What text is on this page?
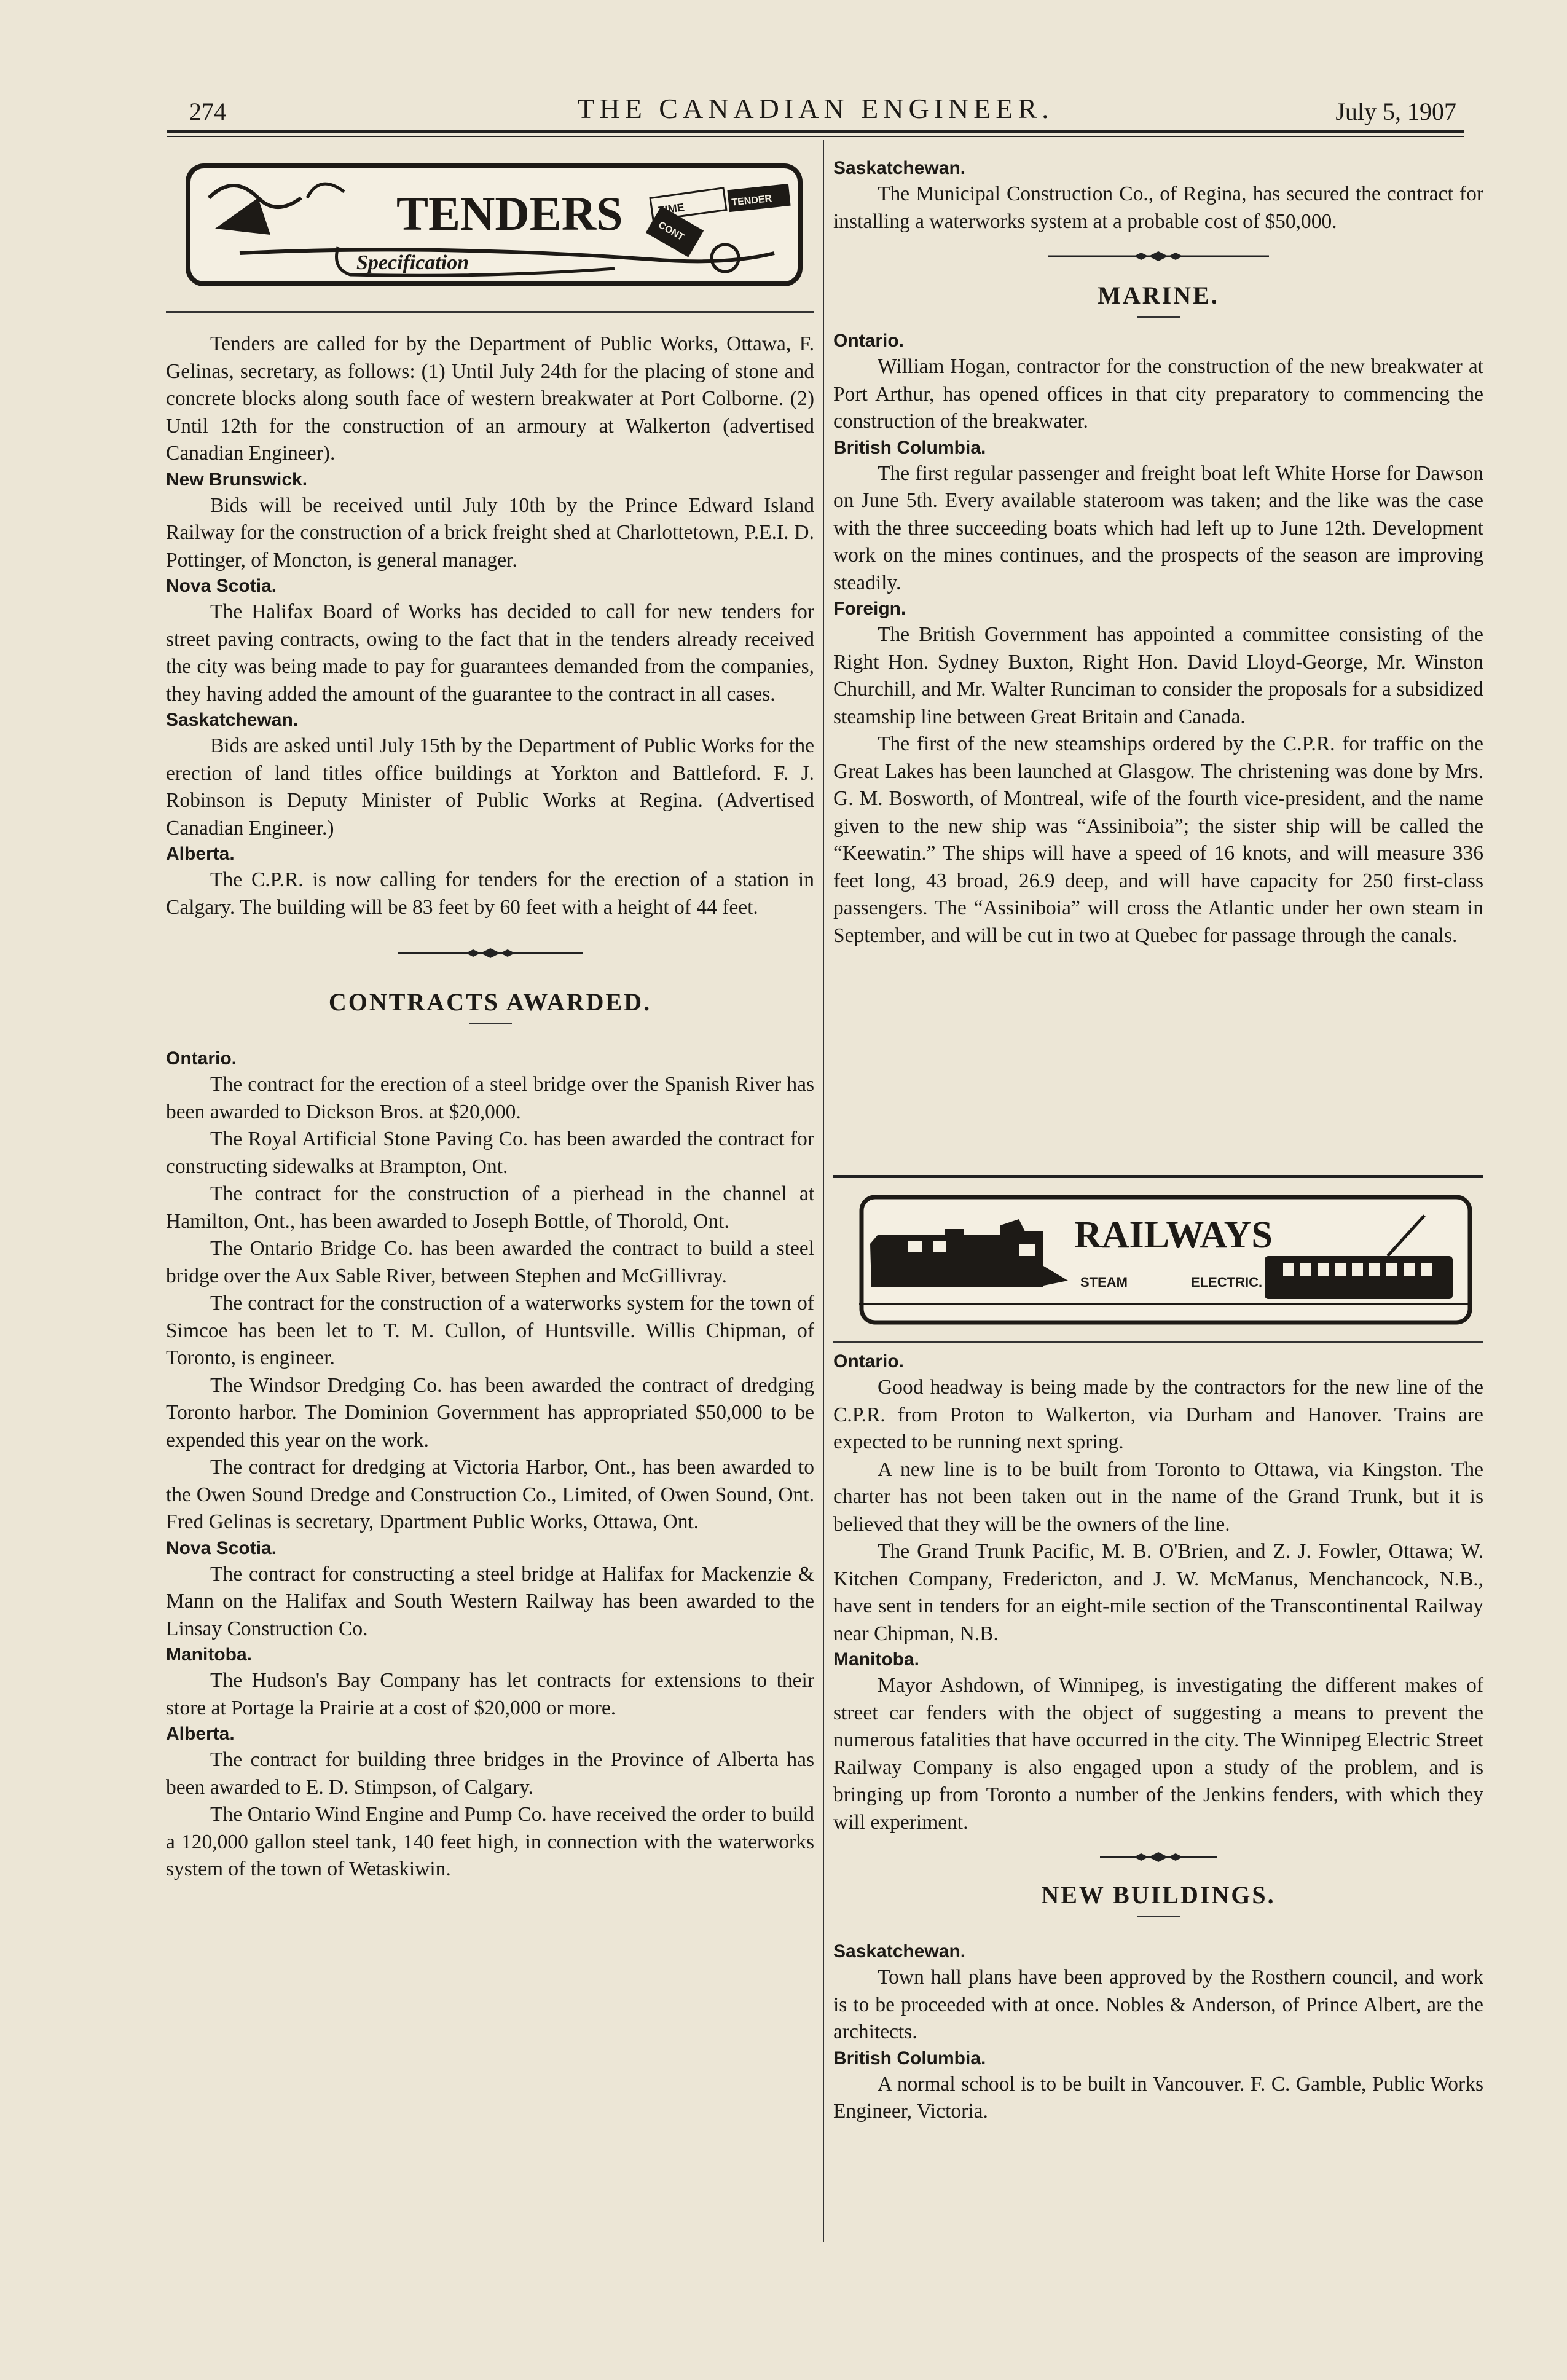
274	THE CANADIAN ENGINEER.	July 5, 1907
TENDERS
Specification
TIME
TENDER
CONT

Tenders are called for by the Department of Public Works, Ottawa, F. Gelinas, secretary, as follows: (1) Until July 24th for the placing of stone and concrete blocks along south face of western breakwater at Port Colborne. (2) Until 12th for the construction of an armoury at Walkerton (advertised Canadian Engineer).

New Brunswick.

Bids will be received until July 10th by the Prince Edward Island Railway for the construction of a brick freight shed at Charlottetown, P.E.I. D. Pottinger, of Moncton, is general manager.

Nova Scotia.

The Halifax Board of Works has decided to call for new tenders for street paving contracts, owing to the fact that in the tenders already received the city was being made to pay for guarantees demanded from the companies, they having added the amount of the guarantee to the contract in all cases.

Saskatchewan.

Bids are asked until July 15th by the Department of Public Works for the erection of land titles office buildings at Yorkton and Battleford. F. J. Robinson is Deputy Minister of Public Works at Regina. (Advertised Canadian Engineer.)

Alberta.

The C.P.R. is now calling for tenders for the erection of a station in Calgary. The building will be 83 feet by 60 feet with a height of 44 feet.

CONTRACTS AWARDED.
Ontario.

The contract for the erection of a steel bridge over the Spanish River has been awarded to Dickson Bros. at $20,000.

The Royal Artificial Stone Paving Co. has been awarded the contract for constructing sidewalks at Brampton, Ont.

The contract for the construction of a pierhead in the channel at Hamilton, Ont., has been awarded to Joseph Bottle, of Thorold, Ont.

The Ontario Bridge Co. has been awarded the contract to build a steel bridge over the Aux Sable River, between Stephen and McGillivray.

The contract for the construction of a waterworks system for the town of Simcoe has been let to T. M. Cullon, of Huntsville. Willis Chipman, of Toronto, is engineer.

The Windsor Dredging Co. has been awarded the contract of dredging Toronto harbor. The Dominion Government has appropriated $50,000 to be expended this year on the work.

The contract for dredging at Victoria Harbor, Ont., has been awarded to the Owen Sound Dredge and Construction Co., Limited, of Owen Sound, Ont. Fred Gelinas is secretary, Dpartment Public Works, Ottawa, Ont.

Nova Scotia.

The contract for constructing a steel bridge at Halifax for Mackenzie & Mann on the Halifax and South Western Railway has been awarded to the Linsay Construction Co.

Manitoba.

The Hudson's Bay Company has let contracts for extensions to their store at Portage la Prairie at a cost of $20,000 or more.

Alberta.

The contract for building three bridges in the Province of Alberta has been awarded to E. D. Stimpson, of Calgary.

The Ontario Wind Engine and Pump Co. have received the order to build a 120,000 gallon steel tank, 140 feet high, in connection with the waterworks system of the town of Wetaskiwin.

Saskatchewan.

The Municipal Construction Co., of Regina, has secured the contract for installing a waterworks system at a probable cost of $50,000.

MARINE.
Ontario.

William Hogan, contractor for the construction of the new breakwater at Port Arthur, has opened offices in that city preparatory to commencing the construction of the breakwater.

British Columbia.

The first regular passenger and freight boat left White Horse for Dawson on June 5th. Every available stateroom was taken; and the like was the case with the three succeeding boats which had left up to June 12th. Development work on the mines continues, and the prospects of the season are improving steadily.

Foreign.

The British Government has appointed a committee consisting of the Right Hon. Sydney Buxton, Right Hon. David Lloyd-George, Mr. Winston Churchill, and Mr. Walter Runciman to consider the proposals for a subsidized steamship line between Great Britain and Canada.

The first of the new steamships ordered by the C.P.R. for traffic on the Great Lakes has been launched at Glasgow. The christening was done by Mrs. G. M. Bosworth, of Montreal, wife of the fourth vice-president, and the name given to the new ship was “Assiniboia”; the sister ship will be called the “Keewatin.” The ships will have a speed of 16 knots, and will measure 336 feet long, 43 broad, 26.9 deep, and will have capacity for 250 first-class passengers. The “Assiniboia” will cross the Atlantic under her own steam in September, and will be cut in two at Quebec for passage through the canals.

RAILWAYS
STEAM	ELECTRIC.
Ontario.

Good headway is being made by the contractors for the new line of the C.P.R. from Proton to Walkerton, via Durham and Hanover. Trains are expected to be running next spring.

A new line is to be built from Toronto to Ottawa, via Kingston. The charter has not been taken out in the name of the Grand Trunk, but it is believed that they will be the owners of the line.

The Grand Trunk Pacific, M. B. O'Brien, and Z. J. Fowler, Ottawa; W. Kitchen Company, Fredericton, and J. W. McManus, Menchancock, N.B., have sent in tenders for an eight-mile section of the Transcontinental Railway near Chipman, N.B.

Manitoba.

Mayor Ashdown, of Winnipeg, is investigating the different makes of street car fenders with the object of suggesting a means to prevent the numerous fatalities that have occurred in the city. The Winnipeg Electric Street Railway Company is also engaged upon a study of the problem, and is bringing up from Toronto a number of the Jenkins fenders, with which they will experiment.

NEW BUILDINGS.
Saskatchewan.

Town hall plans have been approved by the Rosthern council, and work is to be proceeded with at once. Nobles & Anderson, of Prince Albert, are the architects.

British Columbia.

A normal school is to be built in Vancouver. F. C. Gamble, Public Works Engineer, Victoria.
